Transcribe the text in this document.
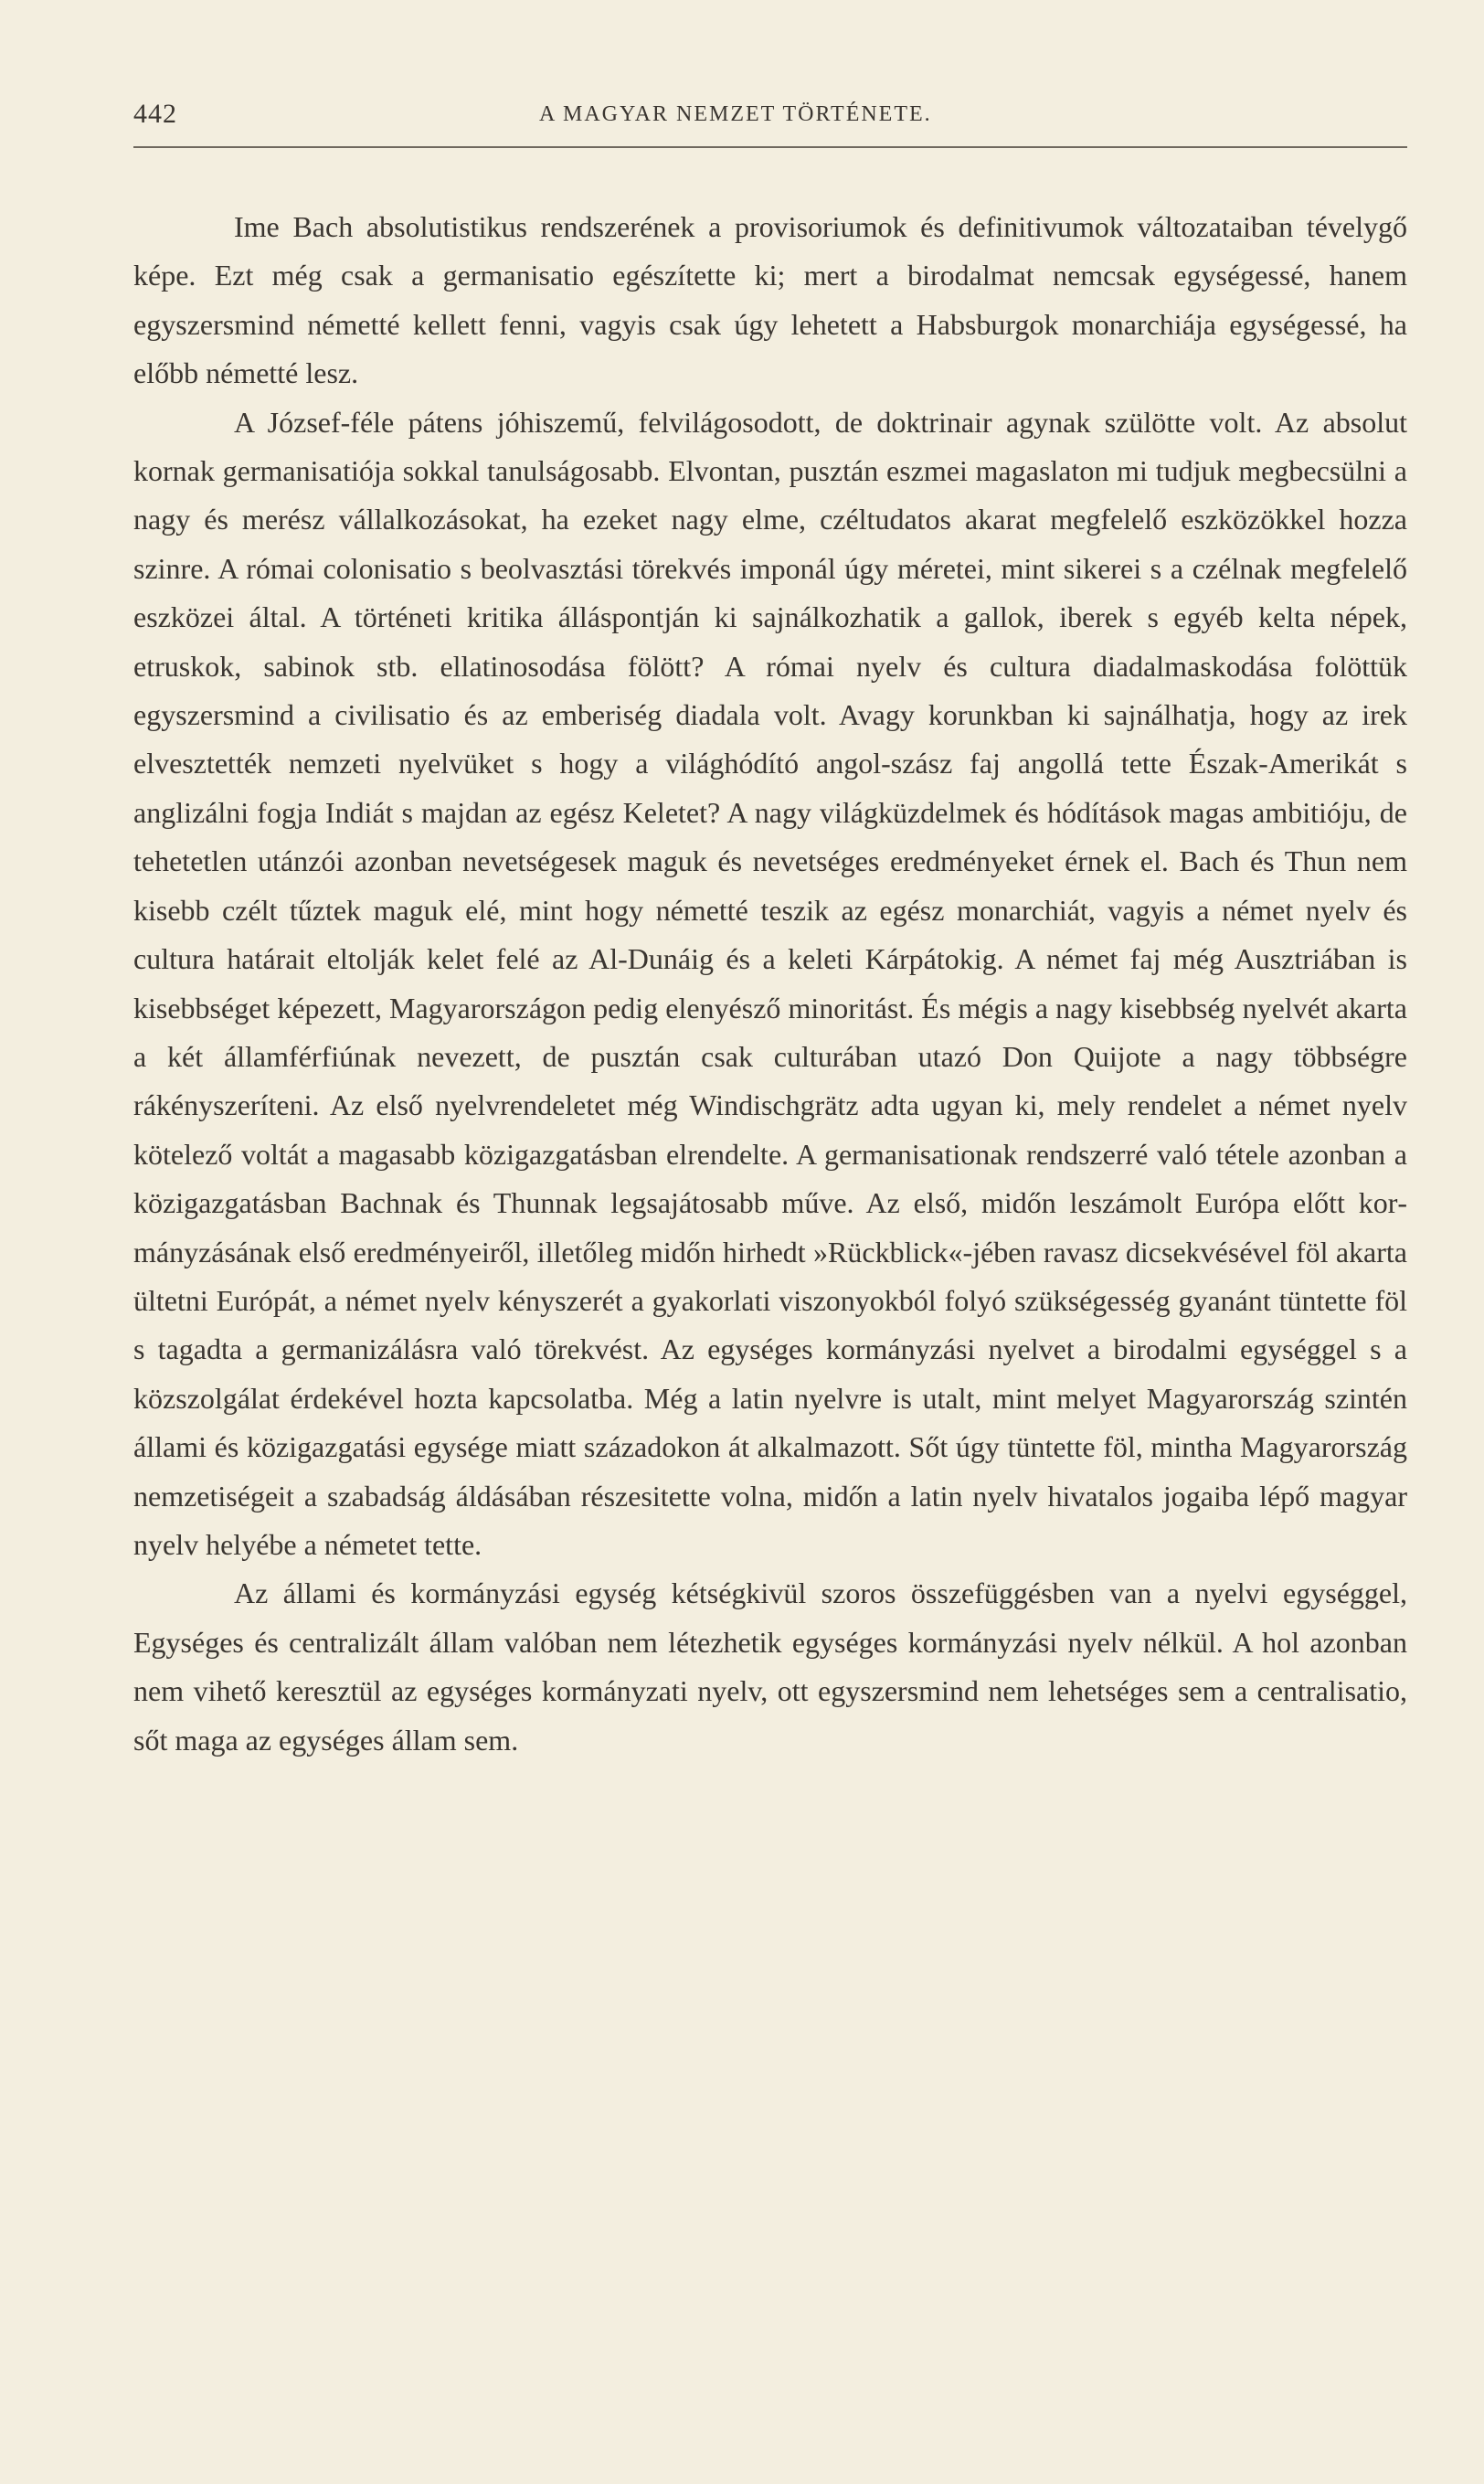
442	A MAGYAR NEMZET TÖRTÉNETE.

Ime Bach absolutistikus rendszerének a provisoriumok és definitivumok változataiban tévelygő képe. Ezt még csak a germanisatio egészítette ki; mert a birodalmat nemcsak egységessé, hanem egyszersmind németté kellett fenni, vagyis csak úgy lehetett a Habsburgok monarchiája egységessé, ha előbb németté lesz.

A József-féle pátens jóhiszemű, felvilágosodott, de doktrinair agynak szülötte volt. Az absolut kornak germanisatiója sokkal tanulságosabb. Elvontan, pusztán eszmei magaslaton mi tudjuk megbecsülni a nagy és merész vállalkozásokat, ha ezeket nagy elme, czéltudatos akarat megfelelő eszközökkel hozza szinre. A római colonisatio s beolvasztási törekvés imponál úgy méretei, mint sikerei s a czélnak megfelelő eszközei által. A történeti kritika álláspontján ki sajnálkozhatik a gallok, iberek s egyéb kelta népek, etruskok, sabinok stb. ellatinosodása fölött? A római nyelv és cultura diadalmaskodása folöttük egyszersmind a civilisatio és az emberiség diadala volt. Avagy korunkban ki sajnálhatja, hogy az irek elvesztették nemzeti nyelvüket s hogy a világhódító angol-szász faj angollá tette Észak-Amerikát s anglizálni fogja Indiát s majdan az egész Keletet? A nagy világküzdelmek és hódítások magas ambitióju, de tehetetlen utánzói azonban nevetségesek maguk és nevetséges eredményeket érnek el. Bach és Thun nem kisebb czélt tűztek maguk elé, mint hogy németté teszik az egész monarchiát, vagyis a német nyelv és cultura határait eltolják kelet felé az Al-Dunáig és a keleti Kárpátokig. A német faj még Ausztriában is kisebbséget képezett, Magyarországon pedig elenyésző minoritást. És mégis a nagy kisebbség nyelvét akarta a két államférfiúnak nevezett, de pusztán csak culturában utazó Don Quijote a nagy többségre rákényszeríteni. Az első nyelvrendeletet még Windischgrätz adta ugyan ki, mely rendelet a német nyelv kötelező voltát a magasabb közigazgatásban elrendelte. A germanisationak rendszerré való tétele azonban a közigazgatásban Bachnak és Thunnak legsajátosabb műve. Az első, midőn leszámolt Európa előtt kormányzásának első eredményeiről, illetőleg midőn hirhedt »Rückblick«-jében ravasz dicsekvésével föl akarta ültetni Európát, a német nyelv kényszerét a gyakorlati viszonyokból folyó szükségesség gyanánt tüntette föl s tagadta a germanizálásra való törekvést. Az egységes kormányzási nyelvet a birodalmi egységgel s a közszolgálat érdekével hozta kapcsolatba. Még a latin nyelvre is utalt, mint melyet Magyarország szintén állami és közigazgatási egysége miatt századokon át alkalmazott. Sőt úgy tüntette föl, mintha Magyarország nemzetiségeit a szabadság áldásában részesitette volna, midőn a latin nyelv hivatalos jogaiba lépő magyar nyelv helyébe a németet tette.

Az állami és kormányzási egység kétségkivül szoros összefüggésben van a nyelvi egységgel, Egységes és centralizált állam valóban nem létezhetik egységes kormányzási nyelv nélkül. A hol azonban nem vihető keresztül az egységes kormányzati nyelv, ott egyszersmind nem lehetséges sem a centralisatio, sőt maga az egységes állam sem.
